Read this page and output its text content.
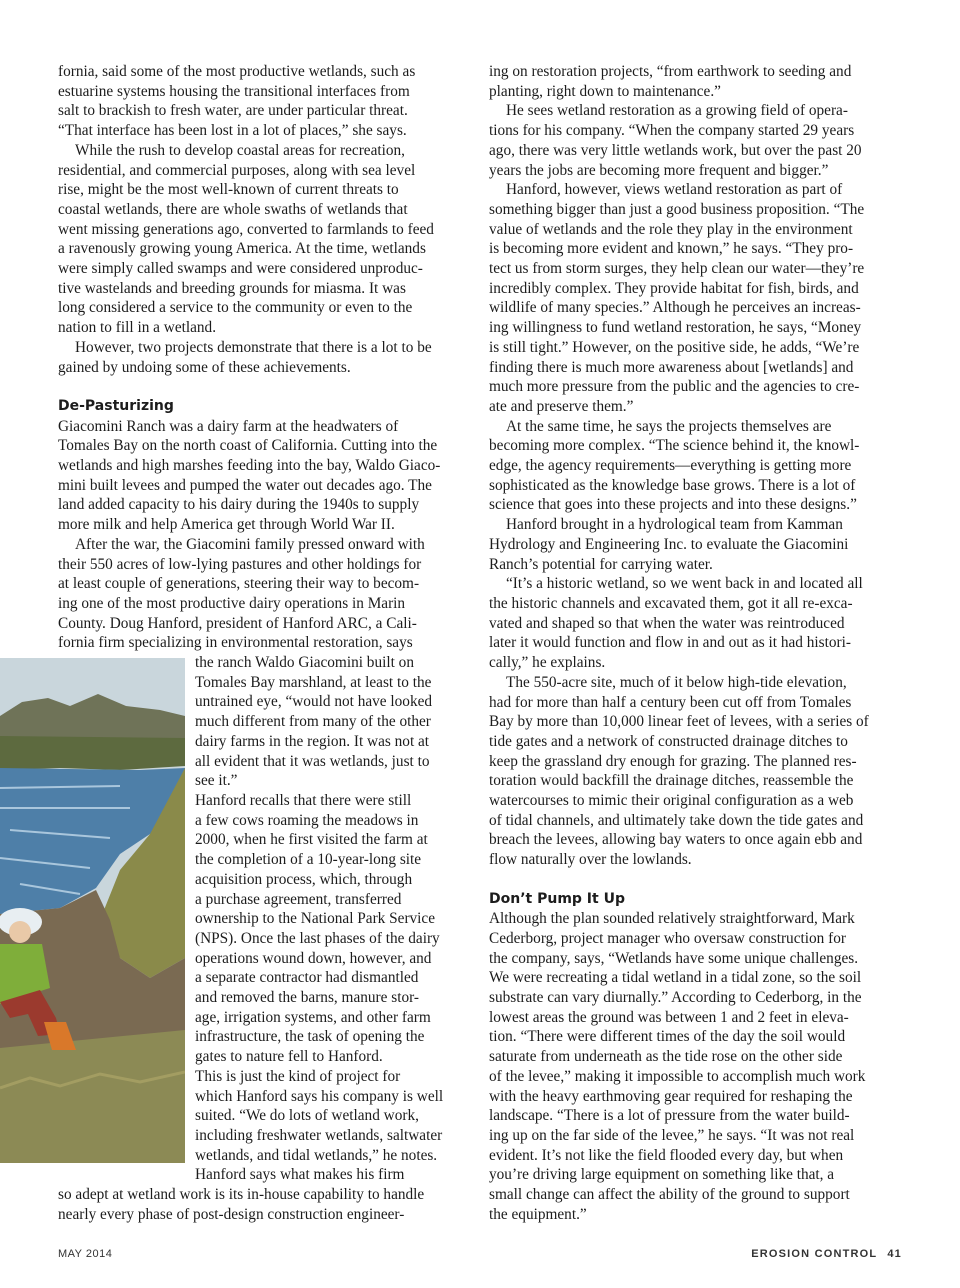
fornia, said some of the most productive wetlands, such as
estuarine systems housing the transitional interfaces from
salt to brackish to fresh water, are under particular threat.
“That interface has been lost in a lot of places,” she says.
While the rush to develop coastal areas for recreation,
residential, and commercial purposes, along with sea level
rise, might be the most well-known of current threats to
coastal wetlands, there are whole swaths of wetlands that
went missing generations ago, converted to farmlands to feed
a ravenously growing young America. At the time, wetlands
were simply called swamps and were considered unproduc-
tive wastelands and breeding grounds for miasma. It was
long considered a service to the community or even to the
nation to fill in a wetland.
However, two projects demonstrate that there is a lot to be
gained by undoing some of these achievements.
De-Pasturizing
Giacomini Ranch was a dairy farm at the headwaters of
Tomales Bay on the north coast of California. Cutting into the
wetlands and high marshes feeding into the bay, Waldo Giaco-
mini built levees and pumped the water out decades ago. The
land added capacity to his dairy during the 1940s to supply
more milk and help America get through World War II.
After the war, the Giacomini family pressed onward with
their 550 acres of low-lying pastures and other holdings for
at least couple of generations, steering their way to becom-
ing one of the most productive dairy operations in Marin
County. Doug Hanford, president of Hanford ARC, a Cali-
fornia firm specializing in environmental restoration, says
the ranch Waldo Giacomini built on
Tomales Bay marshland, at least to the
untrained eye, “would not have looked
much different from many of the other
dairy farms in the region. It was not at
all evident that it was wetlands, just to
see it.”
Hanford recalls that there were still
a few cows roaming the meadows in
2000, when he first visited the farm at
the completion of a 10-year-long site
acquisition process, which, through
a purchase agreement, transferred
ownership to the National Park Service
(NPS). Once the last phases of the dairy
operations wound down, however, and
a separate contractor had dismantled
and removed the barns, manure stor-
age, irrigation systems, and other farm
infrastructure, the task of opening the
gates to nature fell to Hanford.
This is just the kind of project for
which Hanford says his company is well
suited. “We do lots of wetland work,
including freshwater wetlands, saltwater
wetlands, and tidal wetlands,” he notes.
Hanford says what makes his firm
so adept at wetland work is its in-house capability to handle
nearly every phase of post-design construction engineer-
ing on restoration projects, “from earthwork to seeding and
planting, right down to maintenance.”
He sees wetland restoration as a growing field of opera-
tions for his company. “When the company started 29 years
ago, there was very little wetlands work, but over the past 20
years the jobs are becoming more frequent and bigger.”
Hanford, however, views wetland restoration as part of
something bigger than just a good business proposition. “The
value of wetlands and the role they play in the environment
is becoming more evident and known,” he says. “They pro-
tect us from storm surges, they help clean our water—they’re
incredibly complex. They provide habitat for fish, birds, and
wildlife of many species.” Although he perceives an increas-
ing willingness to fund wetland restoration, he says, “Money
is still tight.” However, on the positive side, he adds, “We’re
finding there is much more awareness about [wetlands] and
much more pressure from the public and the agencies to cre-
ate and preserve them.”
At the same time, he says the projects themselves are
becoming more complex. “The science behind it, the knowl-
edge, the agency requirements—everything is getting more
sophisticated as the knowledge base grows. There is a lot of
science that goes into these projects and into these designs.”
Hanford brought in a hydrological team from Kamman
Hydrology and Engineering Inc. to evaluate the Giacomini
Ranch’s potential for carrying water.
“It’s a historic wetland, so we went back in and located all
the historic channels and excavated them, got it all re-exca-
vated and shaped so that when the water was reintroduced
later it would function and flow in and out as it had histori-
cally,” he explains.
The 550-acre site, much of it below high-tide elevation,
had for more than half a century been cut off from Tomales
Bay by more than 10,000 linear feet of levees, with a series of
tide gates and a network of constructed drainage ditches to
keep the grassland dry enough for grazing. The planned res-
toration would backfill the drainage ditches, reassemble the
watercourses to mimic their original configuration as a web
of tidal channels, and ultimately take down the tide gates and
breach the levees, allowing bay waters to once again ebb and
flow naturally over the lowlands.
Don’t Pump It Up
Although the plan sounded relatively straightforward, Mark
Cederborg, project manager who oversaw construction for
the company, says, “Wetlands have some unique challenges.
We were recreating a tidal wetland in a tidal zone, so the soil
substrate can vary diurnally.” According to Cederborg, in the
lowest areas the ground was between 1 and 2 feet in eleva-
tion. “There were different times of the day the soil would
saturate from underneath as the tide rose on the other side
of the levee,” making it impossible to accomplish much work
with the heavy earthmoving gear required for reshaping the
landscape. “There is a lot of pressure from the water build-
ing up on the far side of the levee,” he says. “It was not real
evident. It’s not like the field flooded every day, but when
you’re driving large equipment on something like that, a
small change can affect the ability of the ground to support
the equipment.”
MAY 2014	EROSION CONTROL 41
